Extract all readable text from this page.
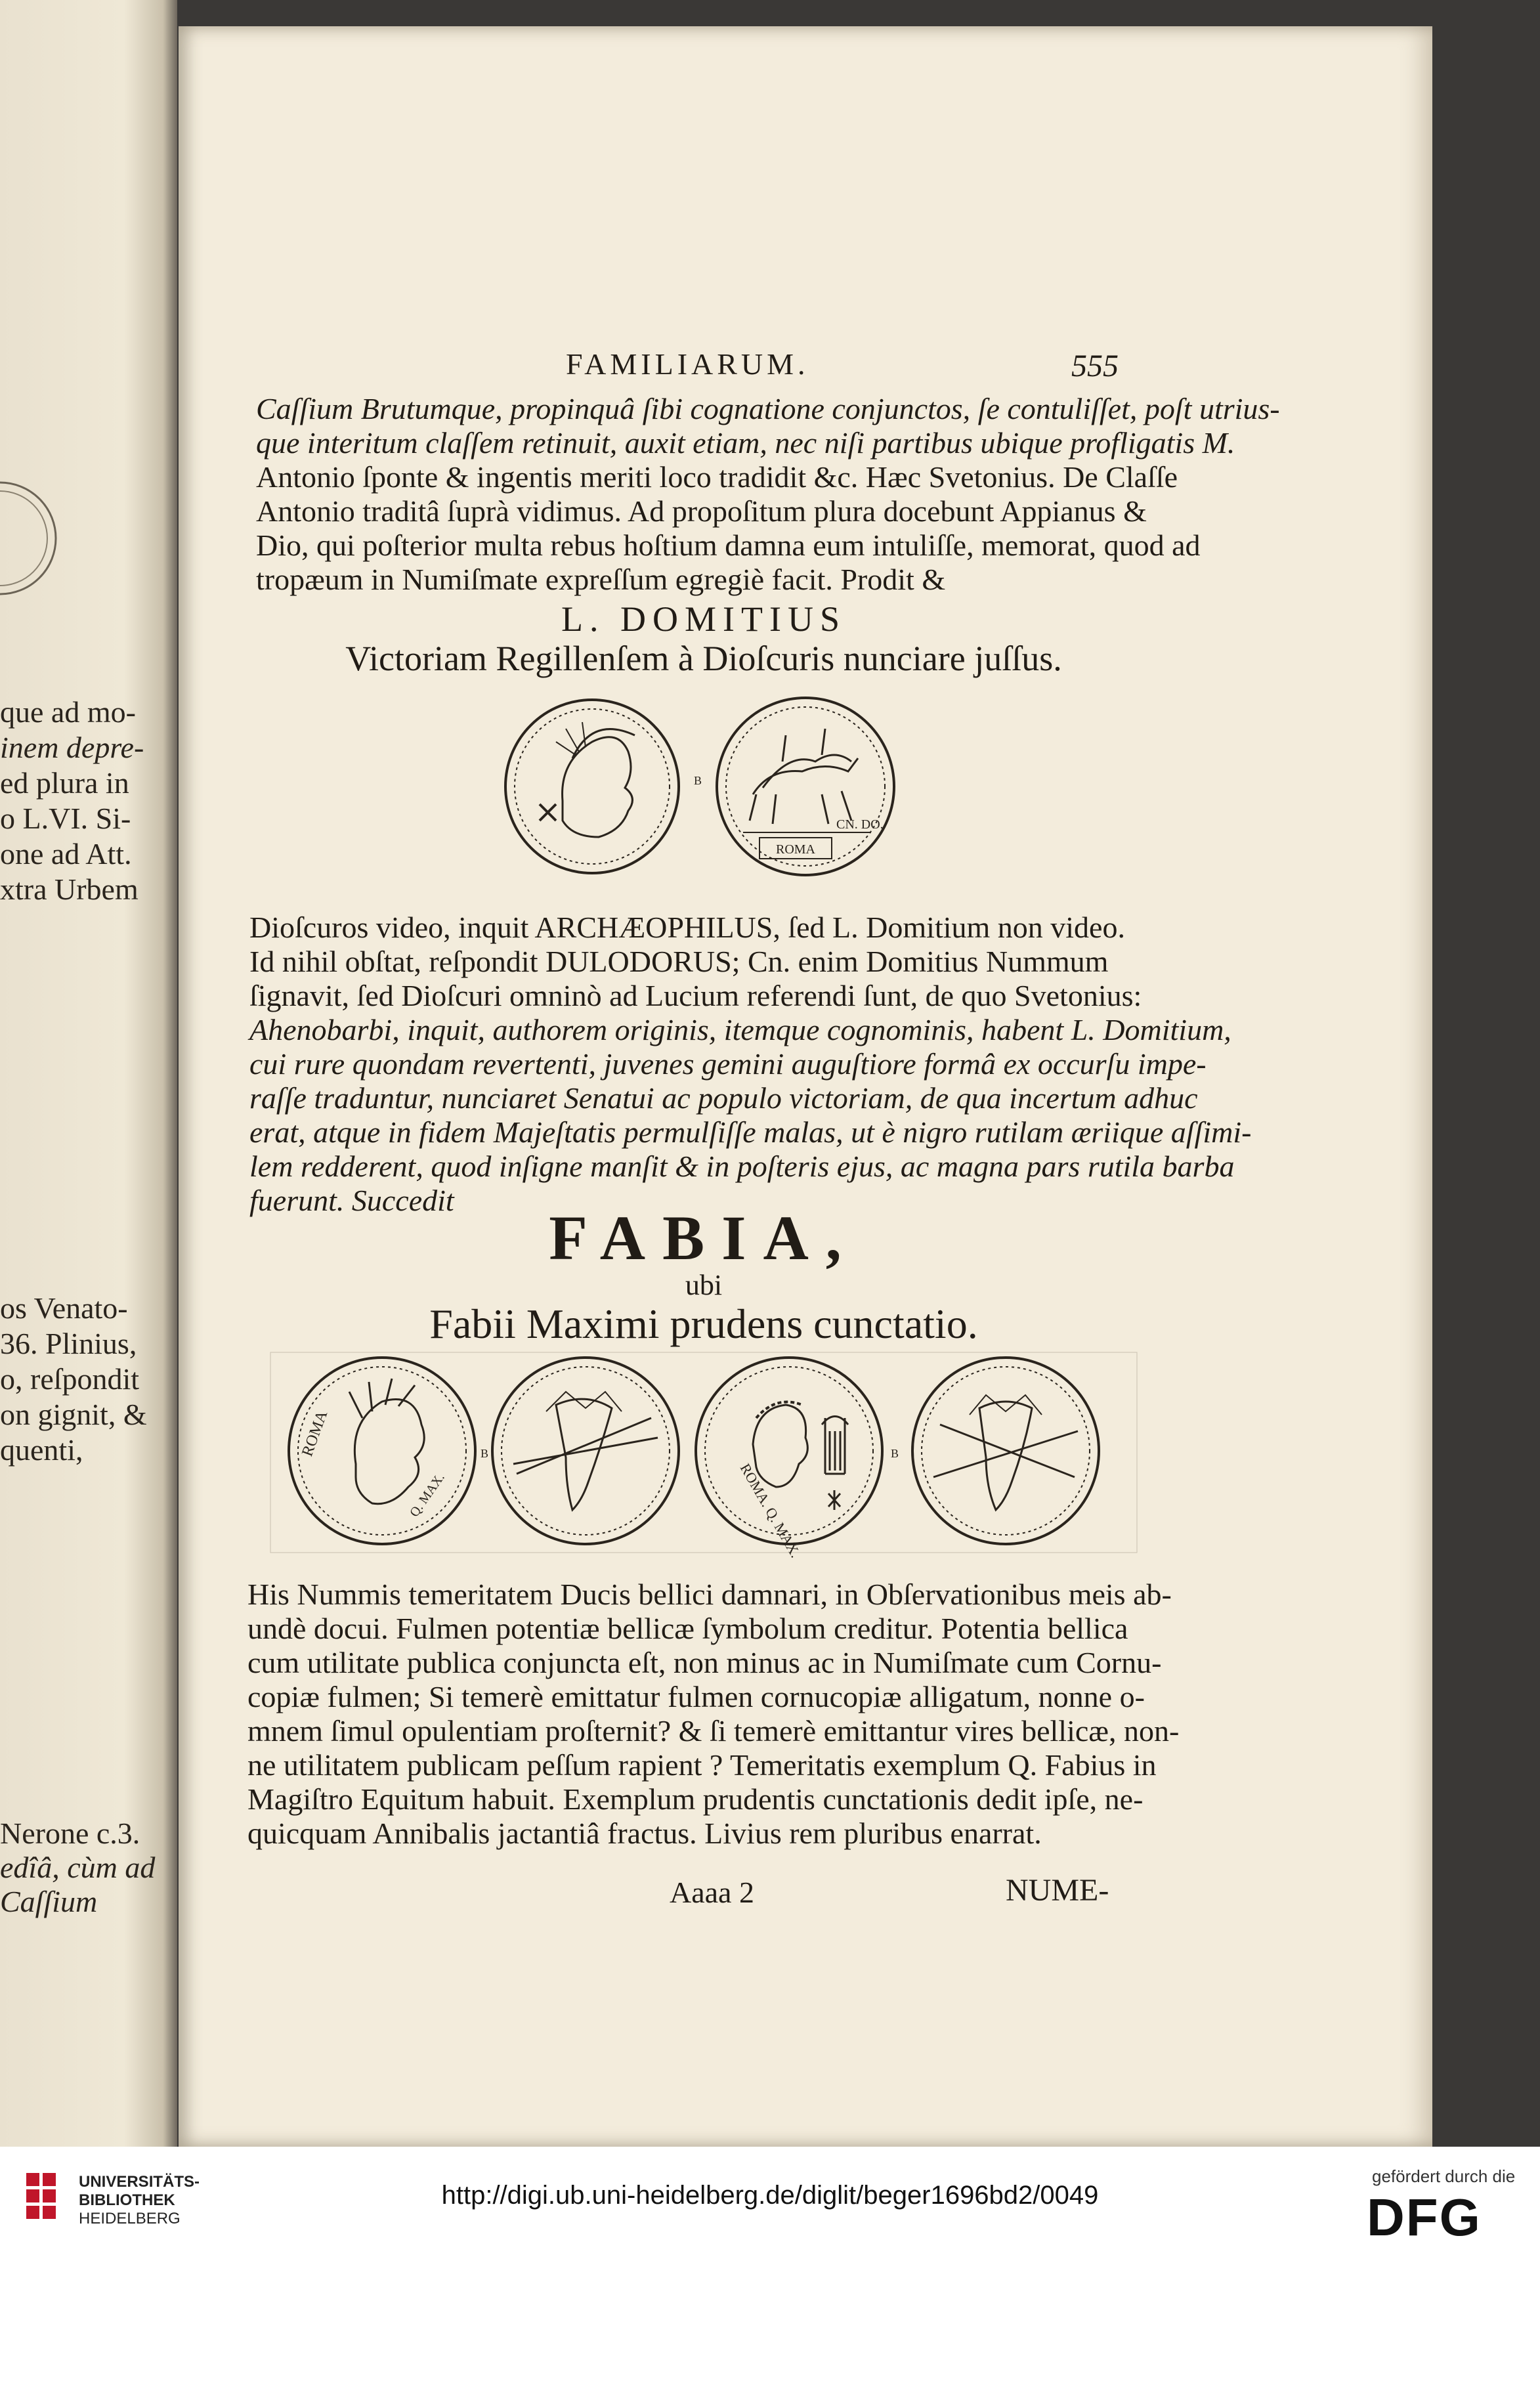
que ad mo-
inem depre-
ed plura in
o L.VI. Si-
one ad Att.
xtra Urbem
os Venato-
36. Plinius,
o, reſpondit
on gignit, &
quenti,
Nerone c.3.
edîâ, cùm ad
Caſſium
FAMILIARUM.	555
Caſſium Brutumque, propinquâ ſibi cognatione conjunctos, ſe contuliſſet, poſt utrius-
que interitum claſſem retinuit, auxit etiam, nec niſi partibus ubique profligatis M.
Antonio ſponte & ingentis meriti loco tradidit &c. Hæc Svetonius. De Claſſe
Antonio traditâ ſuprà vidimus. Ad propoſitum plura docebunt Appianus &
Dio, qui poſterior multa rebus hoſtium damna eum intuliſſe, memorat, quod ad
tropæum in Numiſmate expreſſum egregiè facit. Prodit &
L. DOMITIUS
Victoriam Regillenſem à Dioſcuris nunciare juſſus.
B
ROMA
CN. DO.
Dioſcuros video, inquit ARCHÆOPHILUS, ſed L. Domitium non video.
Id nihil obſtat, reſpondit DULODORUS; Cn. enim Domitius Nummum
ſignavit, ſed Dioſcuri omninò ad Lucium referendi ſunt, de quo Svetonius:
Ahenobarbi, inquit, authorem originis, itemque cognominis, habent L. Domitium,
cui rure quondam revertenti, juvenes gemini auguſtiore formâ ex occurſu impe-
raſſe traduntur, nunciaret Senatui ac populo victoriam, de qua incertum adhuc
erat, atque in fidem Majeſtatis permulſiſſe malas, ut è nigro rutilam æriique aſſimi-
lem redderent, quod inſigne manſit & in poſteris ejus, ac magna pars rutila barba
fuerunt. Succedit
FABIA,
ubi
Fabii Maximi prudens cunctatio.
ROMA
Q. MAX.
B
ROMA. Q. MAX.
B
His Nummis temeritatem Ducis bellici damnari, in Obſervationibus meis ab-
undè docui. Fulmen potentiæ bellicæ ſymbolum creditur. Potentia bellica
cum utilitate publica conjuncta eſt, non minus ac in Numiſmate cum Cornu-
copiæ fulmen; Si temerè emittatur fulmen cornucopiæ alligatum, nonne o-
mnem ſimul opulentiam proſternit? & ſi temerè emittantur vires bellicæ, non-
ne utilitatem publicam peſſum rapient ? Temeritatis exemplum Q. Fabius in
Magiſtro Equitum habuit. Exemplum prudentis cunctationis dedit ipſe, ne-
quicquam Annibalis jactantiâ fractus. Livius rem pluribus enarrat.
Aaaa 2	NUME-
UNIVERSITÄTS-
BIBLIOTHEK
HEIDELBERG
http://digi.ub.uni-heidelberg.de/diglit/beger1696bd2/0049
gefördert durch die
DFG
